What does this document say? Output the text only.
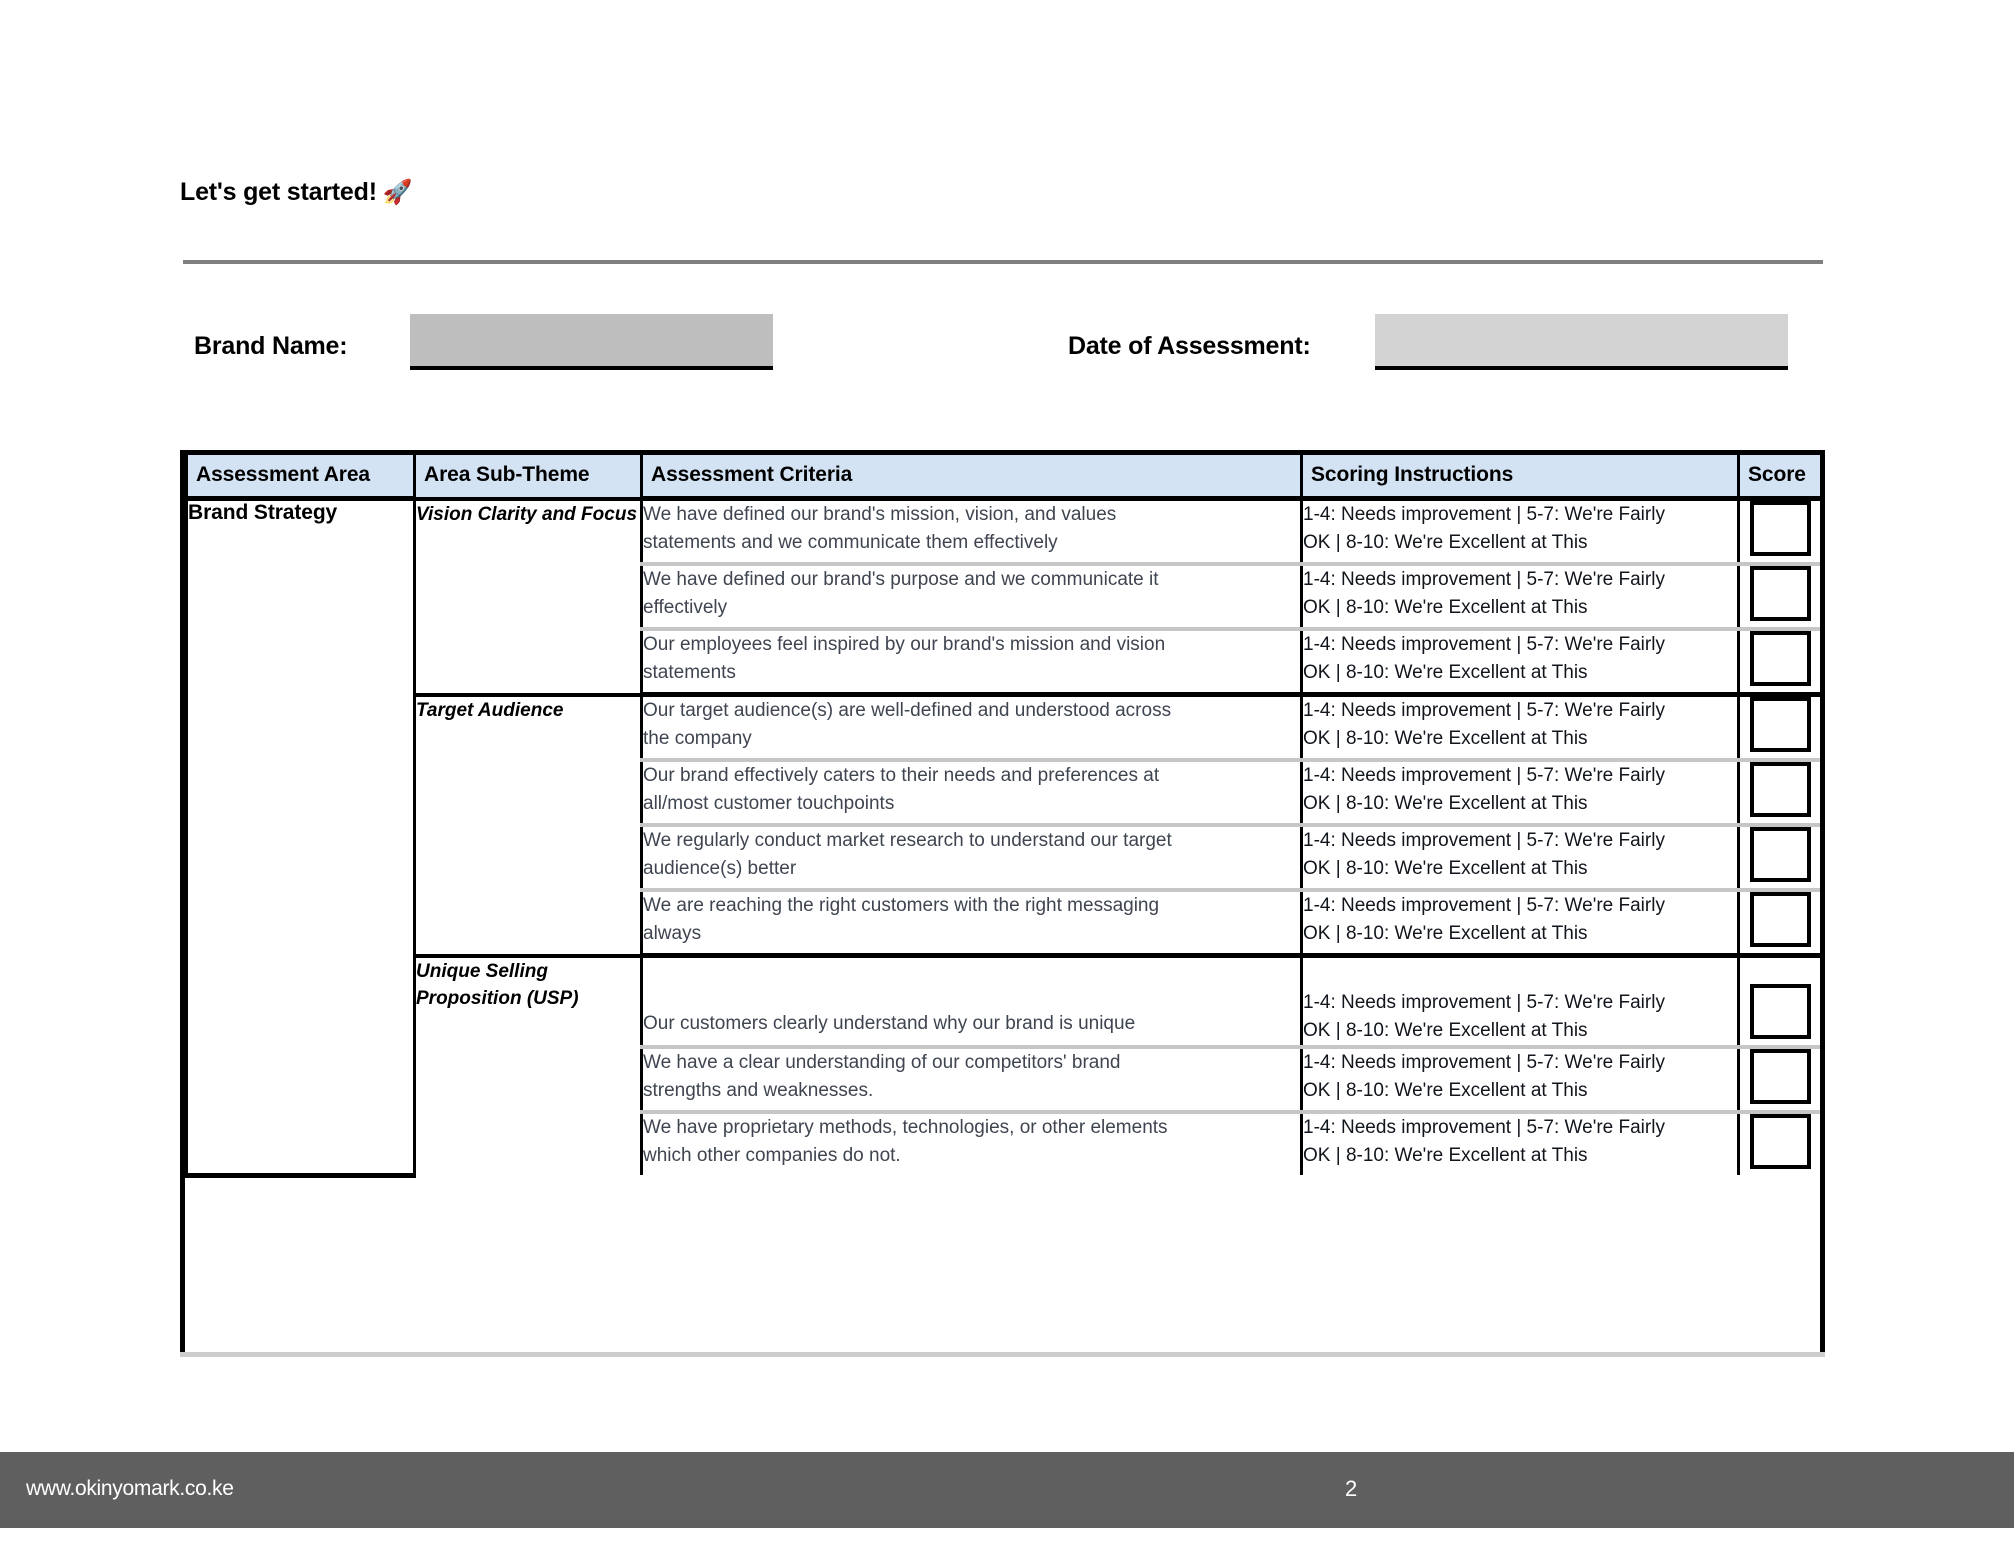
Let's get started! 🚀
Brand Name:	Date of Assessment:
Assessment Area	Area Sub-Theme	Assessment Criteria	Scoring Instructions	Score
Brand Strategy	Vision Clarity and Focus	We have defined our brand's mission, vision, and values
statements and we communicate them effectively	1-4: Needs improvement | 5-7: We're Fairly
OK | 8-10: We're Excellent at This	

		We have defined our brand's purpose and we communicate it
effectively	1-4: Needs improvement | 5-7: We're Fairly
OK | 8-10: We're Excellent at This	

		Our employees feel inspired by our brand's mission and vision
statements	1-4: Needs improvement | 5-7: We're Fairly
OK | 8-10: We're Excellent at This	

	Target Audience	Our target audience(s) are well-defined and understood across
the company	1-4: Needs improvement | 5-7: We're Fairly
OK | 8-10: We're Excellent at This	

		Our brand effectively caters to their needs and preferences at
all/most customer touchpoints	1-4: Needs improvement | 5-7: We're Fairly
OK | 8-10: We're Excellent at This	

		We regularly conduct market research to understand our target
audience(s) better	1-4: Needs improvement | 5-7: We're Fairly
OK | 8-10: We're Excellent at This	

		We are reaching the right customers with the right messaging
always	1-4: Needs improvement | 5-7: We're Fairly
OK | 8-10: We're Excellent at This	

	Unique Selling Proposition (USP)	Our customers clearly understand why our brand is unique	1-4: Needs improvement | 5-7: We're Fairly
OK | 8-10: We're Excellent at This	

		We have a clear understanding of our competitors' brand
strengths and weaknesses.	1-4: Needs improvement | 5-7: We're Fairly
OK | 8-10: We're Excellent at This	

		We have proprietary methods, technologies, or other elements
which other companies do not.	1-4: Needs improvement | 5-7: We're Fairly
OK | 8-10: We're Excellent at This	

www.okinyomark.co.ke	2
